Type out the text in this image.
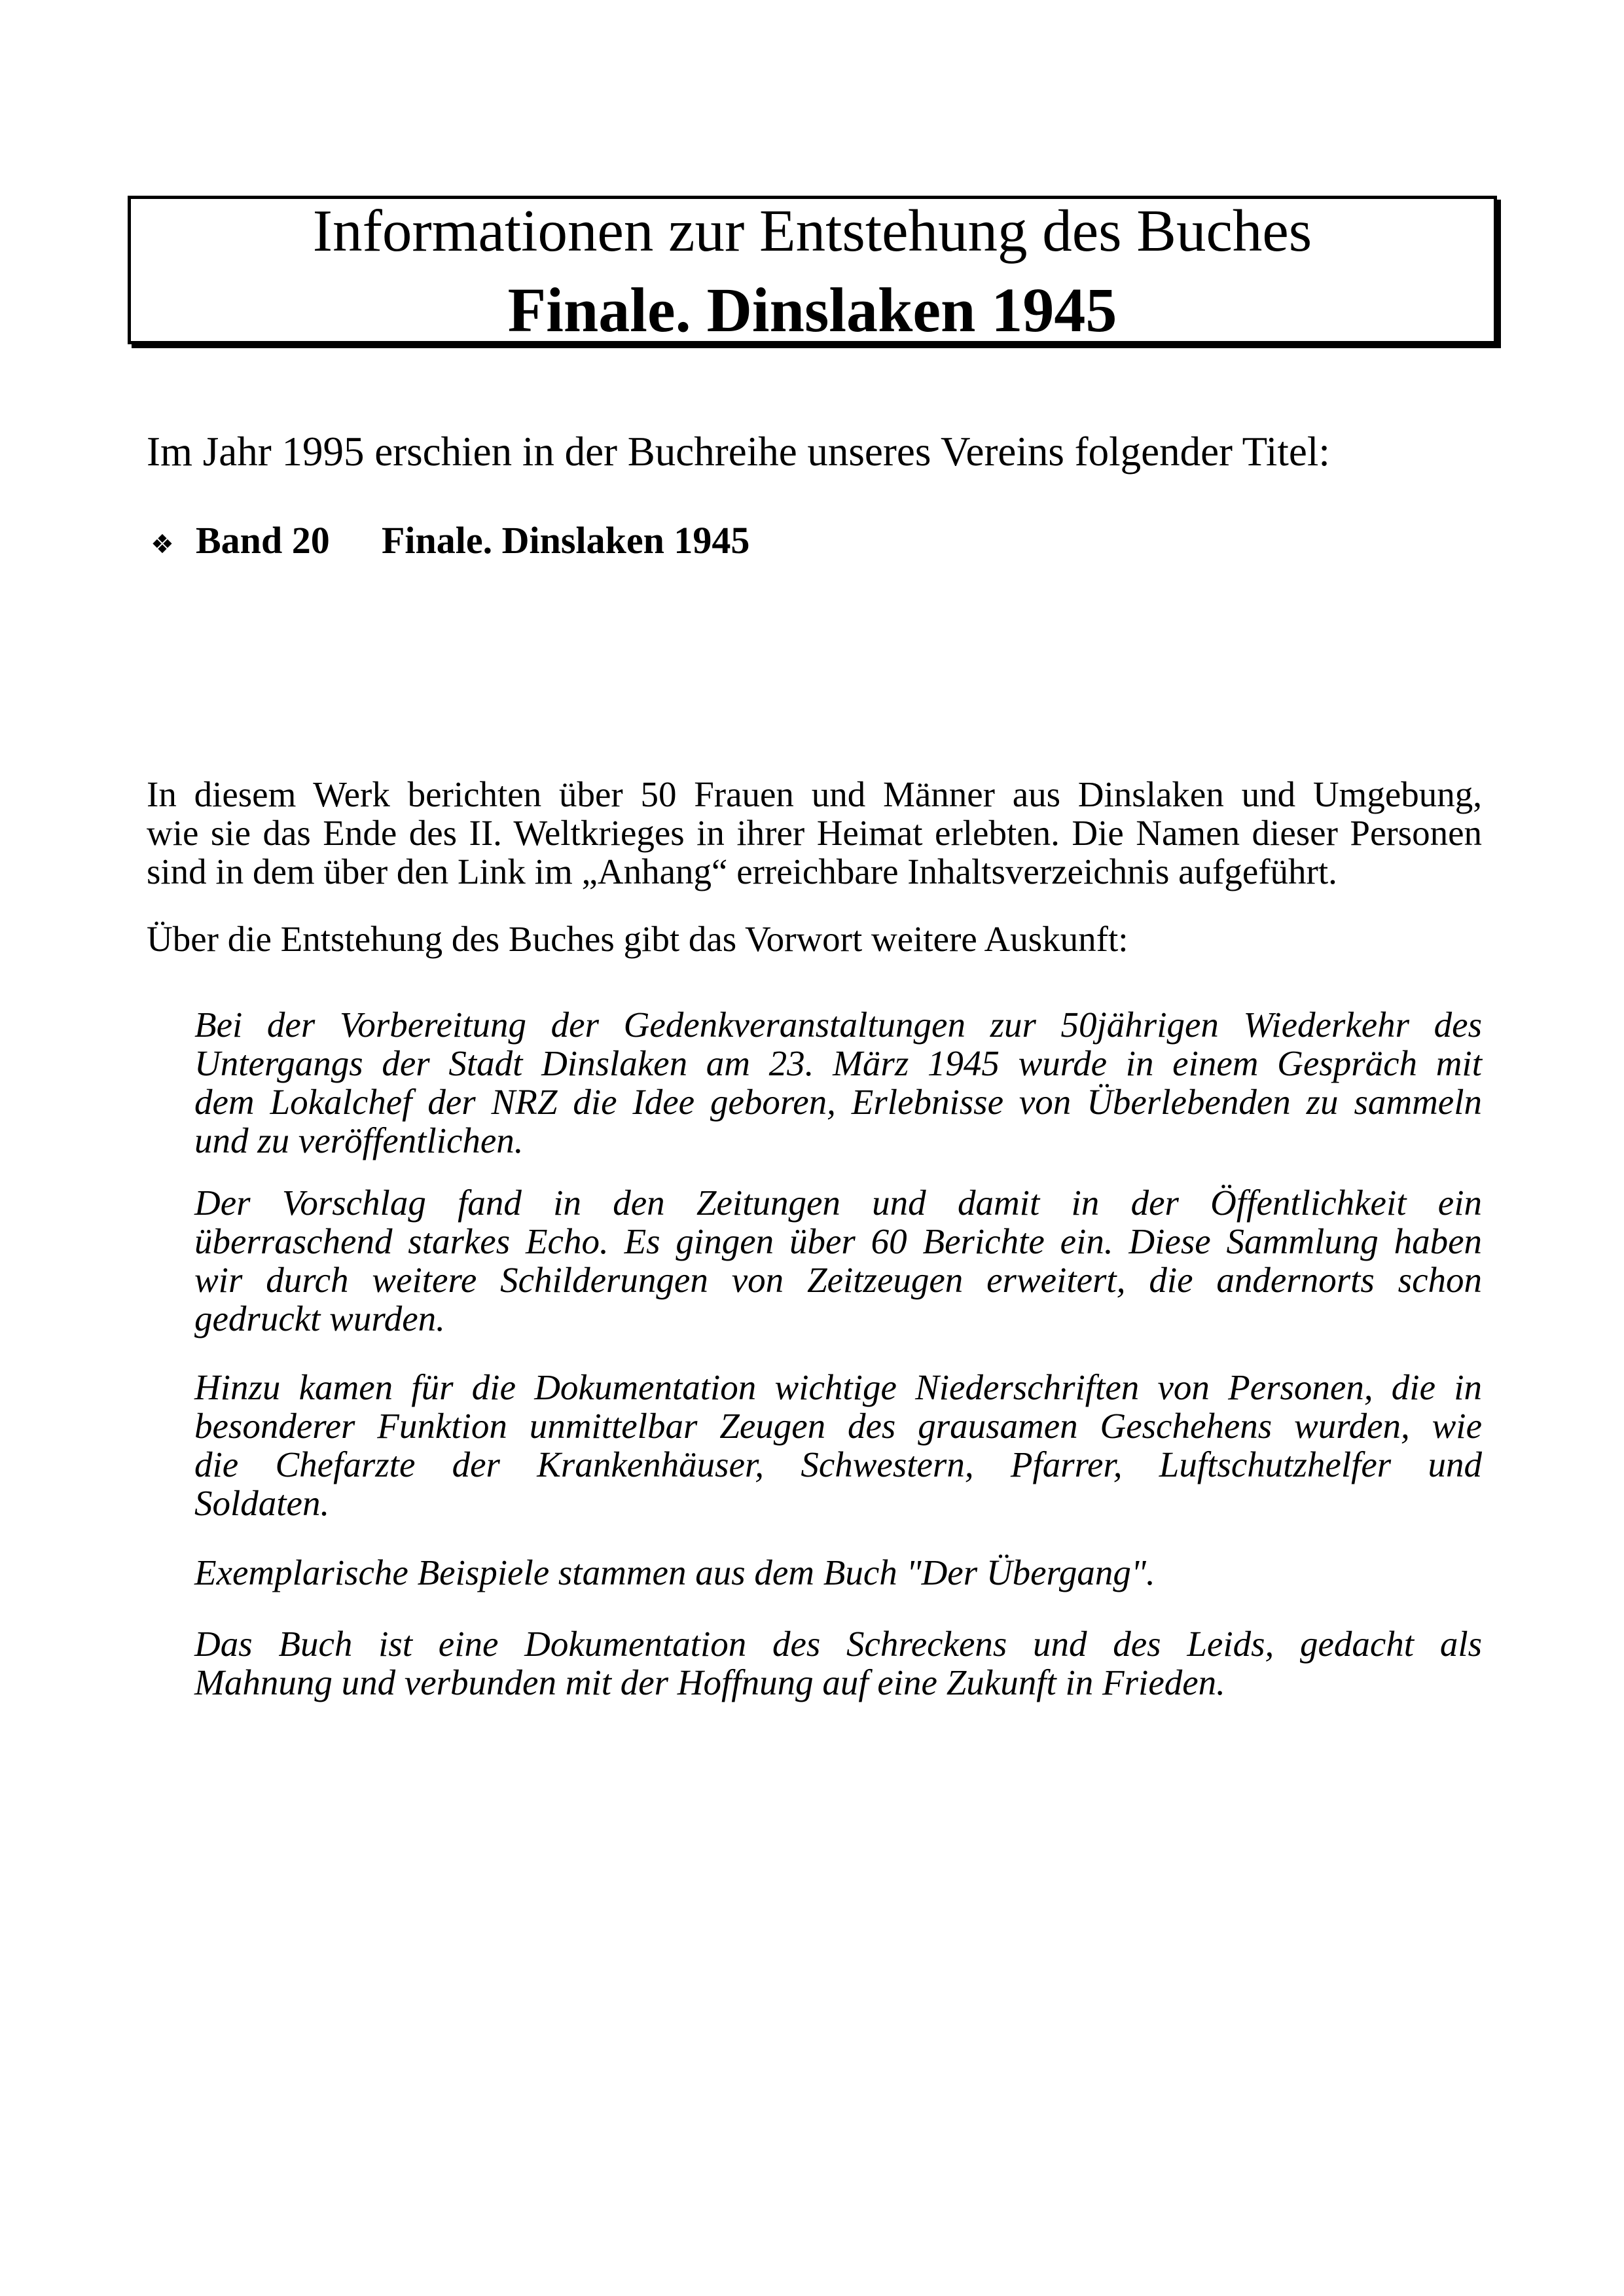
Informationen zur Entstehung des Buches
Finale. Dinslaken 1945
Im Jahr 1995 erschien in der Buchreihe unseres Vereins folgender Titel:
❖
Band 20 Finale. Dinslaken 1945
In diesem Werk berichten über 50 Frauen und Männer aus Dinslaken und Umgebung,
wie sie das Ende des II. Weltkrieges in ihrer Heimat erlebten. Die Namen dieser Personen
sind in dem über den Link im „Anhang“ erreichbare Inhaltsverzeichnis aufgeführt.
Über die Entstehung des Buches gibt das Vorwort weitere Auskunft:
Bei der Vorbereitung der Gedenkveranstaltungen zur 50jährigen Wiederkehr des
Untergangs der Stadt Dinslaken am 23. März 1945 wurde in einem Gespräch mit
dem Lokalchef der NRZ die Idee geboren, Erlebnisse von Überlebenden zu sammeln
und zu veröffentlichen.
Der Vorschlag fand in den Zeitungen und damit in der Öffentlichkeit ein
überraschend starkes Echo. Es gingen über 60 Berichte ein. Diese Sammlung haben
wir durch weitere Schilderungen von Zeitzeugen erweitert, die andernorts schon
gedruckt wurden.
Hinzu kamen für die Dokumentation wichtige Niederschriften von Personen, die in
besonderer Funktion unmittelbar Zeugen des grausamen Geschehens wurden, wie
die Chefarzte der Krankenhäuser, Schwestern, Pfarrer, Luftschutzhelfer und
Soldaten.
Exemplarische Beispiele stammen aus dem Buch "Der Übergang".
Das Buch ist eine Dokumentation des Schreckens und des Leids, gedacht als
Mahnung und verbunden mit der Hoffnung auf eine Zukunft in Frieden.
